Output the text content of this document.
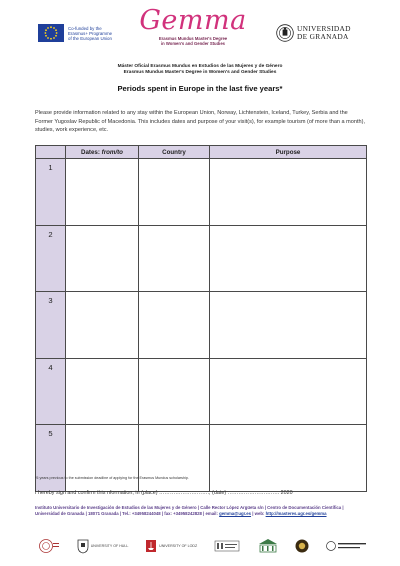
Co-funded by the
Erasmus+ Programme
of the European Union
Gemma
Erasmus Mundus Master's Degree
in Women's and Gender Studies
UNIVERSIDAD
DE GRANADA
Máster Oficial Erasmus Mundus en Estudios de las Mujeres y de Género
Erasmus Mundus Master's Degree in Women's and Gender Studies
Periods spent in Europe in the last five years*
Please provide information related to any stay within the European Union, Norway, Lichtenstein, Iceland, Turkey, Serbia and the Former Yugoslav Republic of Macedonia. This includes dates and purpose of your visit(s), for example tourism (of more than a month), studies, work experience, etc.
	Dates: from/to	Country	Purpose
1			
2			
3			
4			
5			
*5 years previous to the submission deadline of applying for the Erasmus Mundus scholarship.
I hereby sign and confirm this nformation, in (place) ………………………., (date) ……………………….. 2020
Instituto Universitario de Investigación de Estudios de las Mujeres y de Género | Calle Rector López Argüeta s/n | Centro de Documentación Científica | Universidad de Granada | 18071 Granada | Tel.: +34958244048 | fax: +34958242828 | email: gemma@ugr.es | web: http://masteres.ugr.es/gemma
UNIVERSITY OF HULL	UNIVERSITY OF LODZ
